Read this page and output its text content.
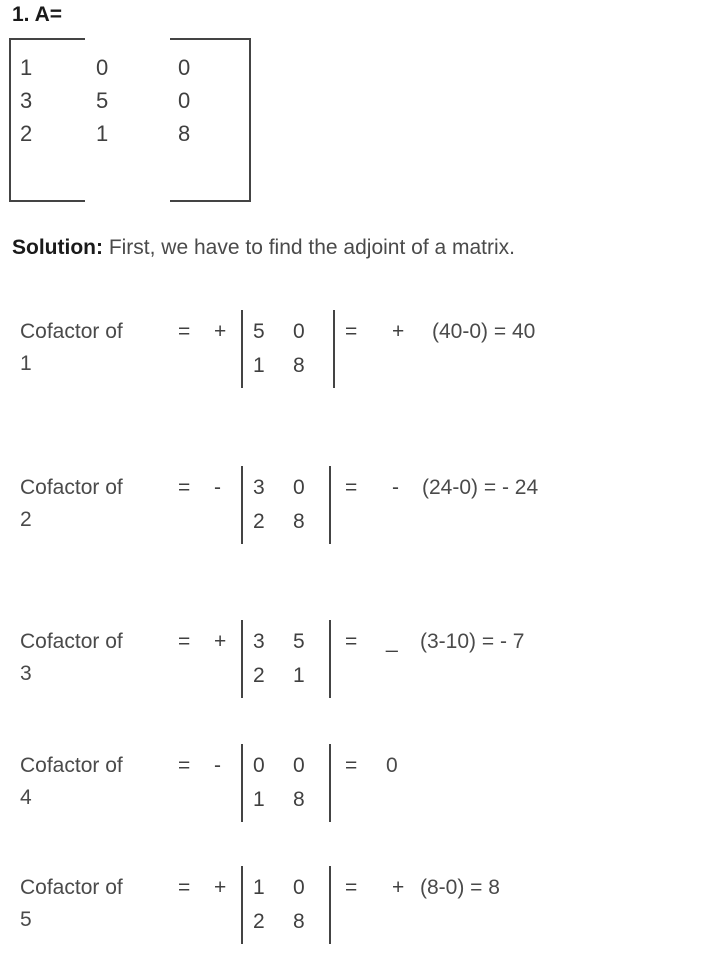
1. A=
1	0	0
3	5	0
2	1	8
Solution: First, we have to find the adjoint of a matrix.
Cofactor of
1
= + 5 0
1 8
= + (40-0) = 40
Cofactor of
2
= - 3 0
2 8
= - (24-0) = - 24
Cofactor of
3
= + 3 5
2 1
= _ (3-10) = - 7
Cofactor of
4
= - 0 0
1 8
= 0
Cofactor of
5
= + 1 0
2 8
= + (8-0) = 8
